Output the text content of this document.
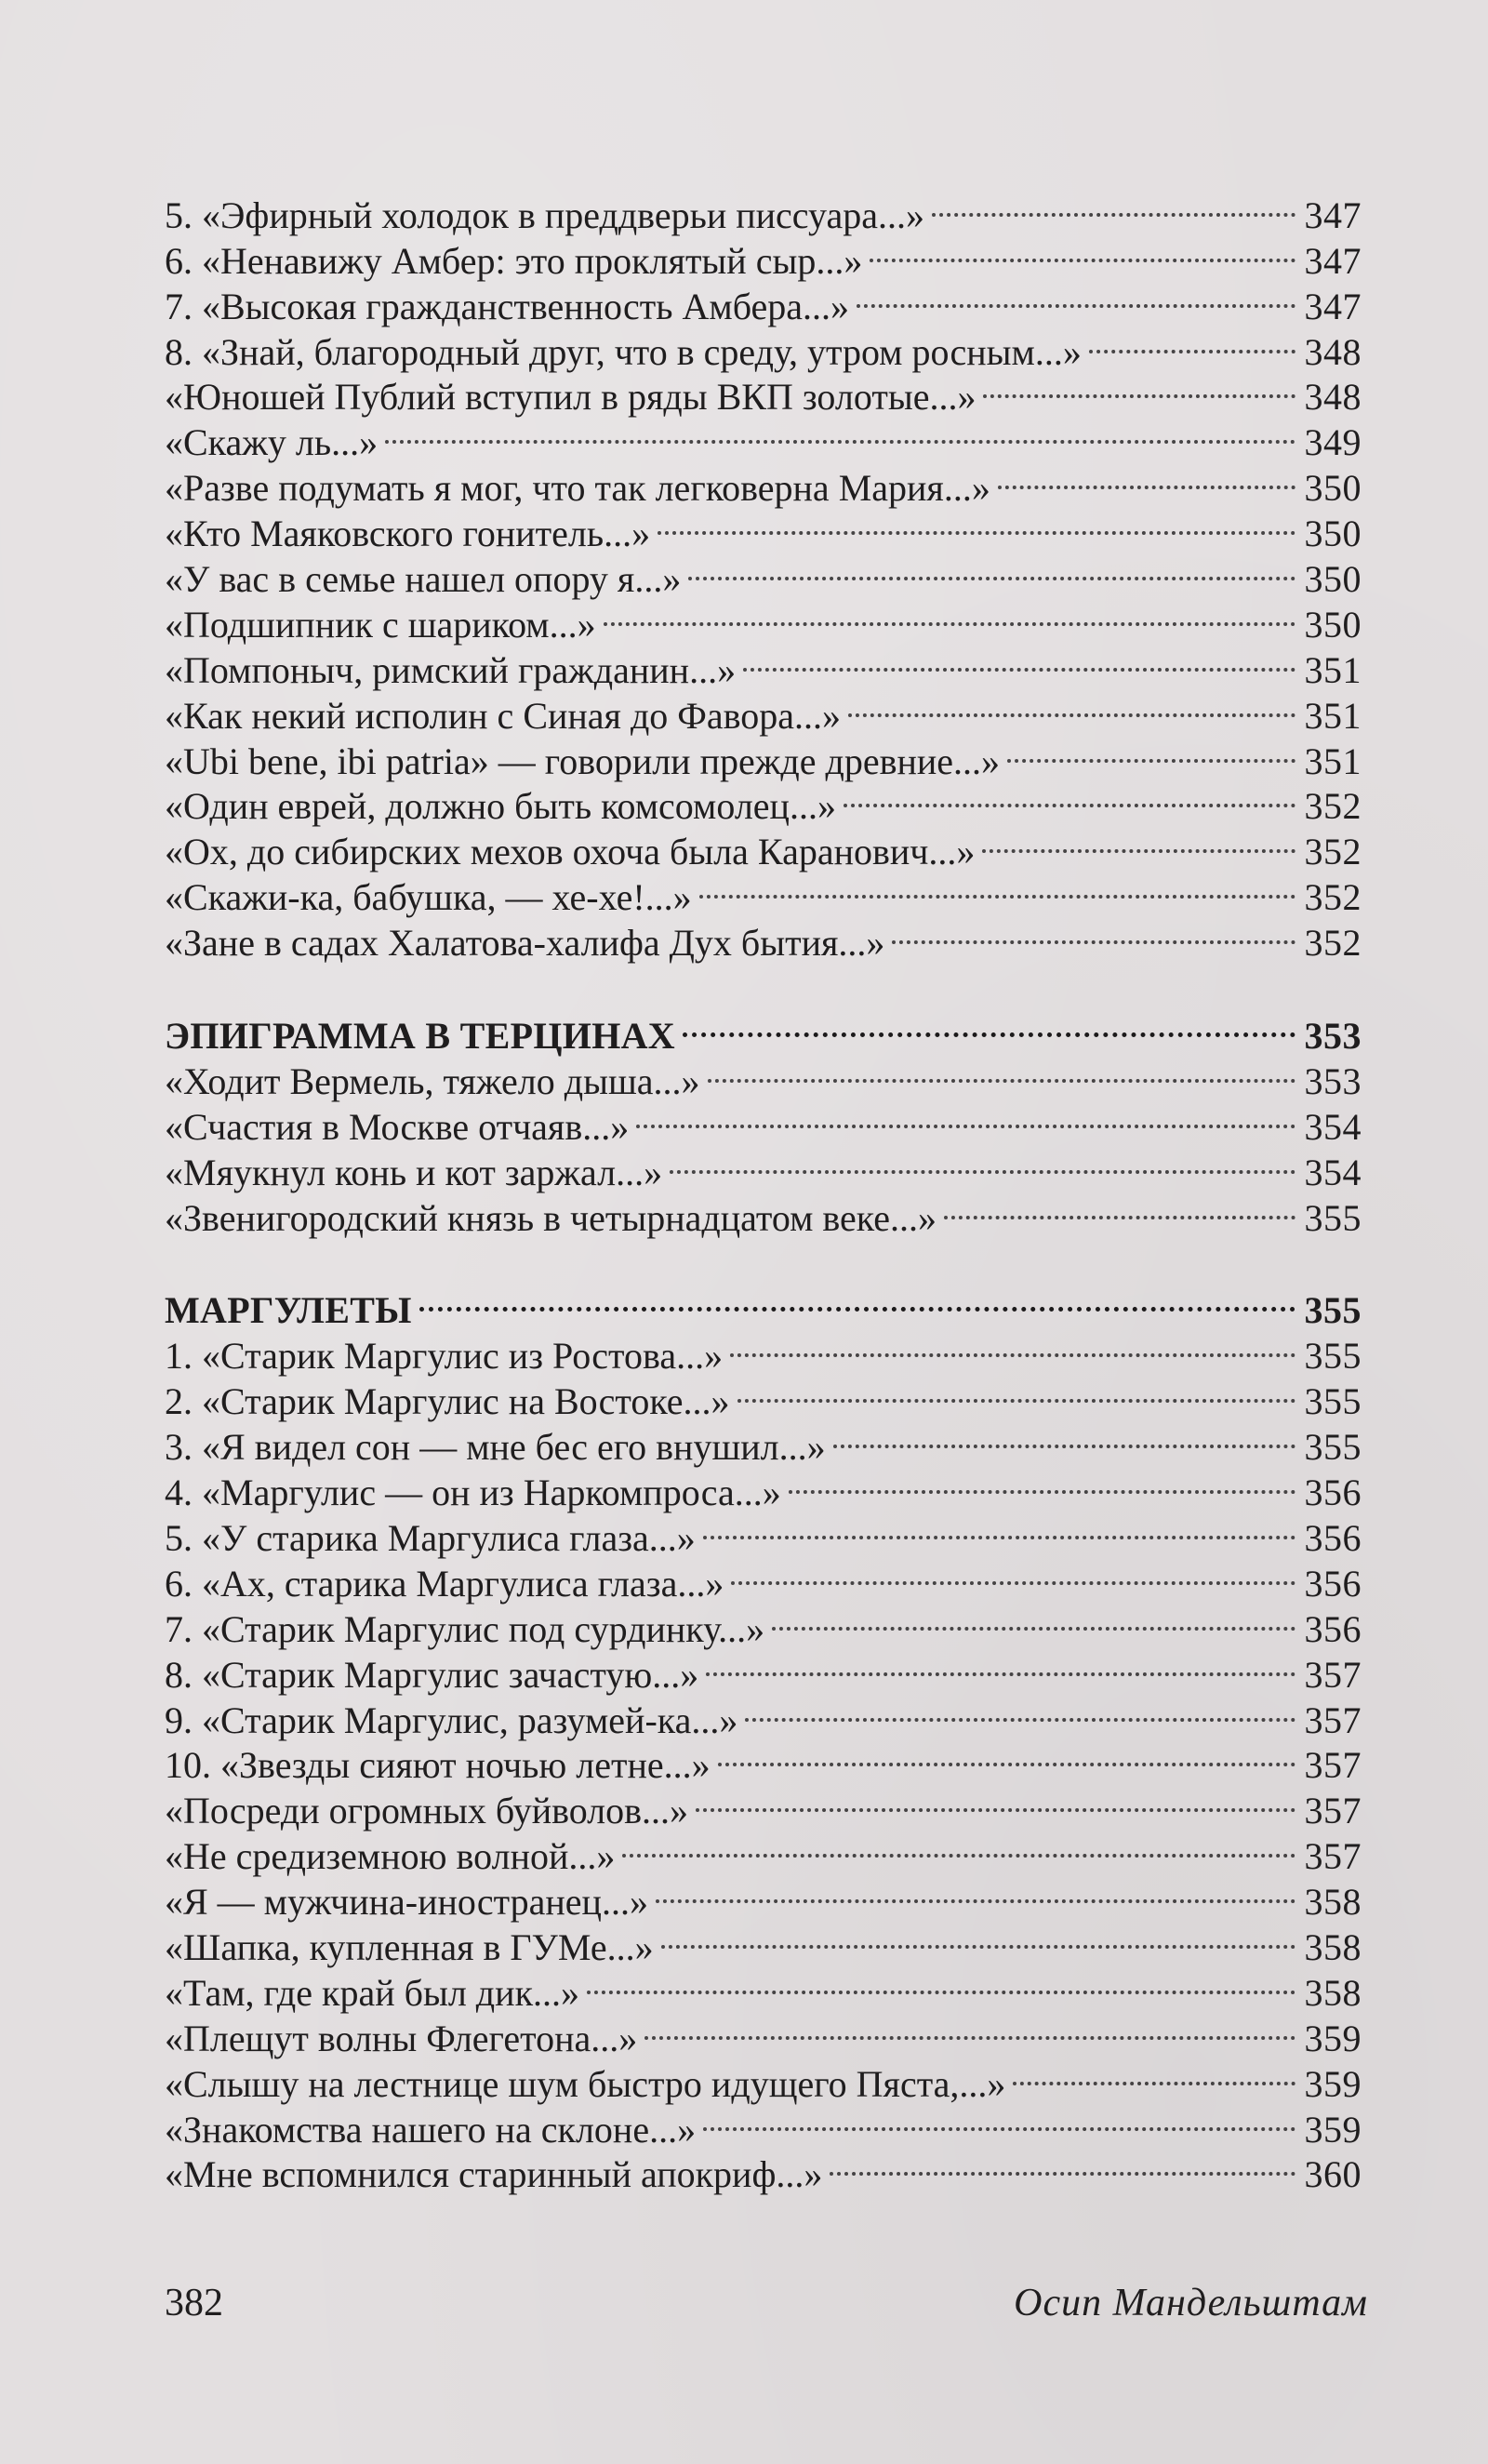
5. «Эфирный холодок в преддверьи писсуара...»	347
6. «Ненавижу Амбер: это проклятый сыр...»	347
7. «Высокая гражданственность Амбера...»	347
8. «Знай, благородный друг, что в среду, утром росным...»	348
«Юношей Публий вступил в ряды ВКП золотые...»	348
«Скажу ль...»	349
«Разве подумать я мог, что так легковерна Мария...»	350
«Кто Маяковского гонитель...»	350
«У вас в семье нашел опору я...»	350
«Подшипник с шариком...»	350
«Помпоныч, римский гражданин...»	351
«Как некий исполин с Синая до Фавора...»	351
«Ubi bene, ibi patria» — говорили прежде древние...»	351
«Один еврей, должно быть комсомолец...»	352
«Ох, до сибирских мехов охоча была Каранович...»	352
«Скажи-ка, бабушка, — хе-хе!...»	352
«Зане в садах Халатова-халифа Дух бытия...»	352
ЭПИГРАММА В ТЕРЦИНАХ	353
«Ходит Вермель, тяжело дыша...»	353
«Счастия в Москве отчаяв...»	354
«Мяукнул конь и кот заржал...»	354
«Звенигородский князь в четырнадцатом веке...»	355
МАРГУЛЕТЫ	355
1. «Старик Маргулис из Ростова...»	355
2. «Старик Маргулис на Востоке...»	355
3. «Я видел сон — мне бес его внушил...»	355
4. «Маргулис — он из Наркомпроса...»	356
5. «У старика Маргулиса глаза...»	356
6. «Ах, старика Маргулиса глаза...»	356
7. «Старик Маргулис под сурдинку...»	356
8. «Старик Маргулис зачастую...»	357
9. «Старик Маргулис, разумей-ка...»	357
10. «Звезды сияют ночью летне...»	357
«Посреди огромных буйволов...»	357
«Не средиземною волной...»	357
«Я — мужчина-иностранец...»	358
«Шапка, купленная в ГУМе...»	358
«Там, где край был дик...»	358
«Плещут волны Флегетона...»	359
«Слышу на лестнице шум быстро идущего Пяста,...»	359
«Знакомства нашего на склоне...»	359
«Мне вспомнился старинный апокриф...»	360
382	Осип Мандельштам
